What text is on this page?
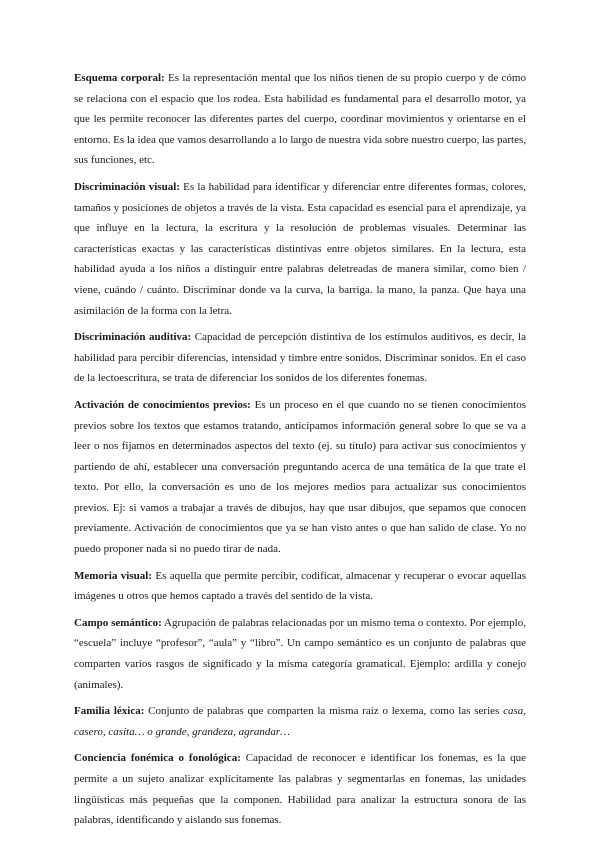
Esquema corporal: Es la representación mental que los niños tienen de su propio cuerpo y de cómo se relaciona con el espacio que los rodea. Esta habilidad es fundamental para el desarrollo motor, ya que les permite reconocer las diferentes partes del cuerpo, coordinar movimientos y orientarse en el entorno. Es la idea que vamos desarrollando a lo largo de nuestra vida sobre nuestro cuerpo, las partes, sus funciones, etc.

Discriminación visual: Es la habilidad para identificar y diferenciar entre diferentes formas, colores, tamaños y posiciones de objetos a través de la vista. Esta capacidad es esencial para el aprendizaje, ya que influye en la lectura, la escritura y la resolución de problemas visuales. Determinar las características exactas y las características distintivas entre objetos similares. En la lectura, esta habilidad ayuda a los niños a distinguir entre palabras deletreadas de manera similar, como bien / viene, cuándo / cuánto. Discriminar donde va la curva, la barriga. la mano, la panza. Que haya una asimilación de la forma con la letra.

Discriminación auditiva: Capacidad de percepción distintiva de los estímulos auditivos, es decir, la habilidad para percibir diferencias, intensidad y timbre entre sonidos. Discriminar sonidos. En el caso de la lectoescritura, se trata de diferenciar los sonidos de los diferentes fonemas.

Activación de conocimientos previos: Es un proceso en el que cuando no se tienen conocimientos previos sobre los textos que estamos tratando, anticipamos información general sobre lo que se va a leer o nos fijamos en determinados aspectos del texto (ej. su título) para activar sus conocimientos y partiendo de ahí, establecer una conversación preguntando acerca de una temática de la que trate el texto. Por ello, la conversación es uno de los mejores medios para actualizar sus conocimientos previos. Ej: si vamos a trabajar a través de dibujos, hay que usar dibujos, que sepamos que conocen previamente. Activación de conocimientos que ya se han visto antes o que han salido de clase. Yo no puedo proponer nada si no puedo tirar de nada.

Memoria visual: Es aquella que permite percibir, codificar, almacenar y recuperar o evocar aquellas imágenes u otros que hemos captado a través del sentido de la vista.

Campo semántico: Agrupación de palabras relacionadas por un mismo tema o contexto. Por ejemplo, “escuela” incluye “profesor”, “aula” y “libro”. Un campo semántico es un conjunto de palabras que comparten varios rasgos de significado y la misma categoría gramatical. Ejemplo: ardilla y conejo (animales).

Familia léxica: Conjunto de palabras que comparten la misma raíz o lexema, como las series casa, casero, casita… o grande, grandeza, agrandar…

Conciencia fonémica o fonológica: Capacidad de reconocer e identificar los fonemas, es la que permite a un sujeto analizar explícitamente las palabras y segmentarlas en fonemas, las unidades lingüísticas más pequeñas que la componen. Habilidad para analizar la estructura sonora de las palabras, identificando y aislando sus fonemas.
